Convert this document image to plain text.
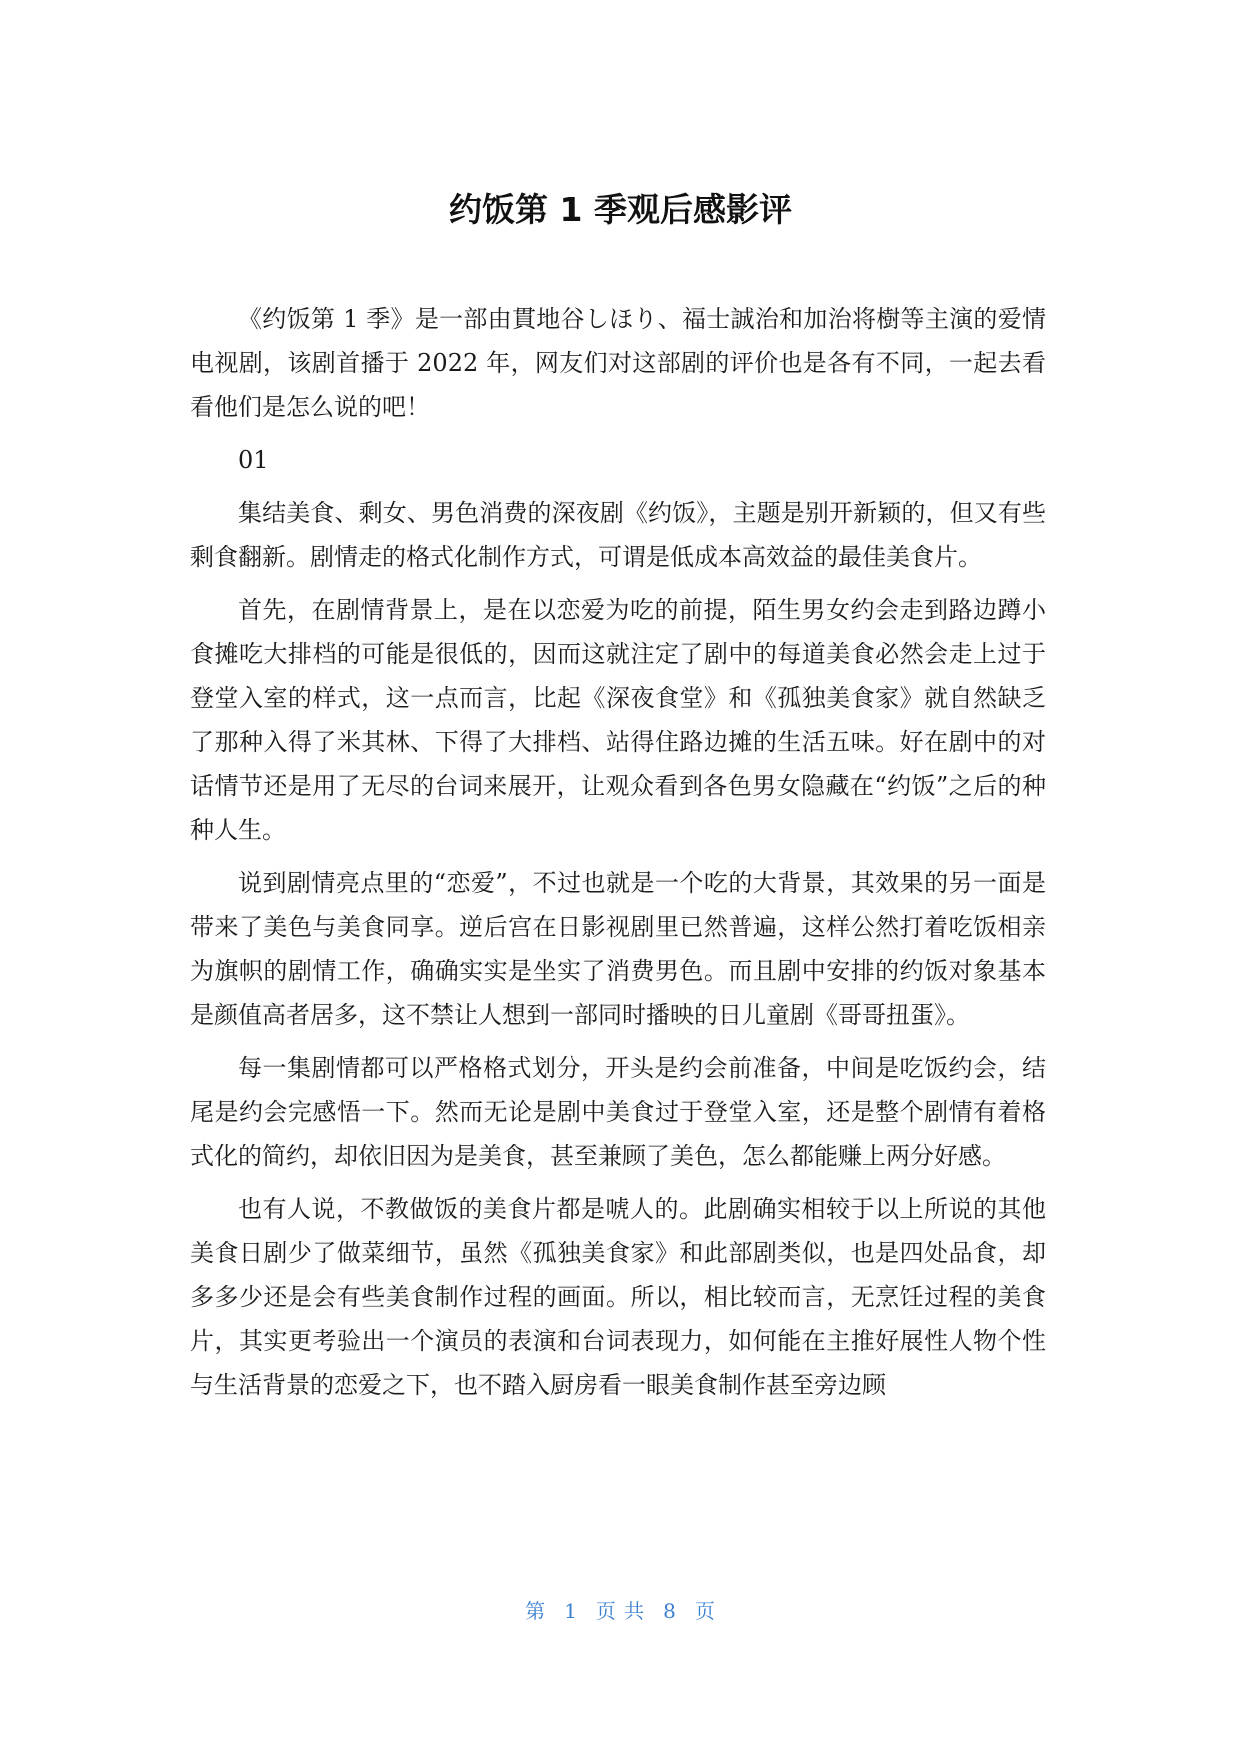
约饭第 1 季观后感影评

《约饭第 1 季》是一部由貫地谷しほり、福士誠治和加治将樹等主演的爱情电视剧，该剧首播于 2022 年，网友们对这部剧的评价也是各有不同，一起去看看他们是怎么说的吧！

01

集结美食、剩女、男色消费的深夜剧《约饭》，主题是别开新颖的，但又有些剩食翻新。剧情走的格式化制作方式，可谓是低成本高效益的最佳美食片。

首先，在剧情背景上，是在以恋爱为吃的前提，陌生男女约会走到路边蹲小食摊吃大排档的可能是很低的，因而这就注定了剧中的每道美食必然会走上过于登堂入室的样式，这一点而言，比起《深夜食堂》和《孤独美食家》就自然缺乏了那种入得了米其林、下得了大排档、站得住路边摊的生活五味。好在剧中的对话情节还是用了无尽的台词来展开，让观众看到各色男女隐藏在“约饭”之后的种种人生。

说到剧情亮点里的“恋爱”，不过也就是一个吃的大背景，其效果的另一面是带来了美色与美食同享。逆后宫在日影视剧里已然普遍，这样公然打着吃饭相亲为旗帜的剧情工作，确确实实是坐实了消费男色。而且剧中安排的约饭对象基本是颜值高者居多，这不禁让人想到一部同时播映的日儿童剧《哥哥扭蛋》。

每一集剧情都可以严格格式划分，开头是约会前准备，中间是吃饭约会，结尾是约会完感悟一下。然而无论是剧中美食过于登堂入室，还是整个剧情有着格式化的简约，却依旧因为是美食，甚至兼顾了美色，怎么都能赚上两分好感。

也有人说，不教做饭的美食片都是唬人的。此剧确实相较于以上所说的其他美食日剧少了做菜细节，虽然《孤独美食家》和此部剧类似，也是四处品食，却多多少还是会有些美食制作过程的画面。所以，相比较而言，无烹饪过程的美食片，其实更考验出一个演员的表演和台词表现力，如何能在主推好展性人物个性与生活背景的恋爱之下，也不踏入厨房看一眼美食制作甚至旁边顾

第 1 页 共 8 页
